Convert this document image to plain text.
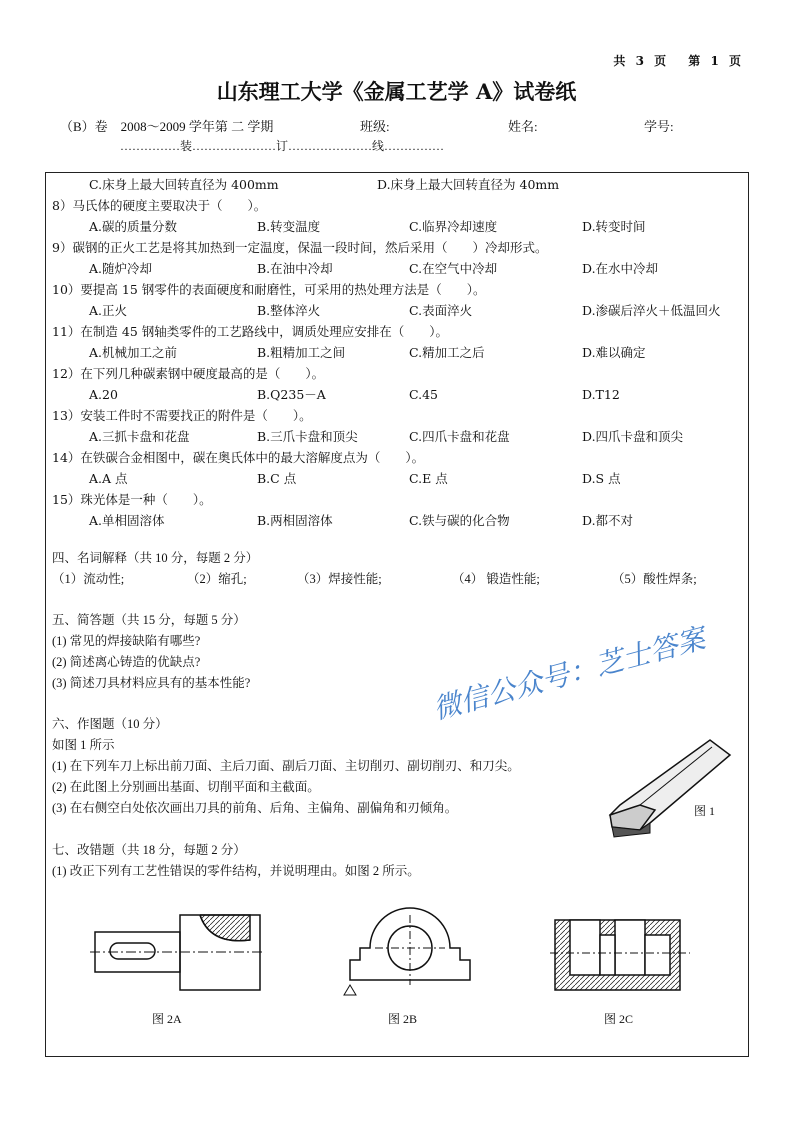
共 3 页　 第 1 页
山东理工大学《金属工艺学 A》试卷纸
（B）卷　2008～2009 学年第 二 学期	班级:	姓名:	学号:
……………装…………………订…………………线……………
C.床身上最大回转直径为 400mm	D.床身上最大回转直径为 40mm
8）马氏体的硬度主要取决于（　　）。
A.碳的质量分数	B.转变温度	C.临界冷却速度	D.转变时间
9）碳钢的正火工艺是将其加热到一定温度，保温一段时间，然后采用（　　）冷却形式。
A.随炉冷却	B.在油中冷却	C.在空气中冷却	D.在水中冷却
10）要提高 15 钢零件的表面硬度和耐磨性，可采用的热处理方法是（　　）。
A.正火	B.整体淬火	C.表面淬火	D.渗碳后淬火＋低温回火
11）在制造 45 钢轴类零件的工艺路线中，调质处理应安排在（　　）。
A.机械加工之前	B.粗精加工之间	C.精加工之后	D.难以确定
12）在下列几种碳素钢中硬度最高的是（　　）。
A.20	B.Q235－A	C.45	D.T12
13）安装工件时不需要找正的附件是（　　）。
A.三抓卡盘和花盘	B.三爪卡盘和顶尖	C.四爪卡盘和花盘	D.四爪卡盘和顶尖
14）在铁碳合金相图中，碳在奥氏体中的最大溶解度点为（　　）。
A.A 点	B.C 点	C.E 点	D.S 点
15）珠光体是一种（　　）。
A.单相固溶体	B.两相固溶体	C.铁与碳的化合物	D.都不对
四、名词解释（共 10 分，每题 2 分）
（1）流动性;	（2）缩孔;	（3）焊接性能;	（4） 锻造性能;	（5）酸性焊条;
五、简答题（共 15 分，每题 5 分）
(1) 常见的焊接缺陷有哪些?
(2) 简述离心铸造的优缺点?
(3) 简述刀具材料应具有的基本性能?
六、作图题（10 分）
如图 1 所示
(1) 在下列车刀上标出前刀面、主后刀面、副后刀面、主切削刃、副切削刃、和刀尖。
(2) 在此图上分别画出基面、切削平面和主截面。
(3) 在右侧空白处依次画出刀具的前角、后角、主偏角、副偏角和刃倾角。	图 1
七、改错题（共 18 分，每题 2 分）
(1) 改正下列有工艺性错误的零件结构，并说明理由。如图 2 所示。
图 2A	图 2B	图 2C
微信公众号：芝士答案
